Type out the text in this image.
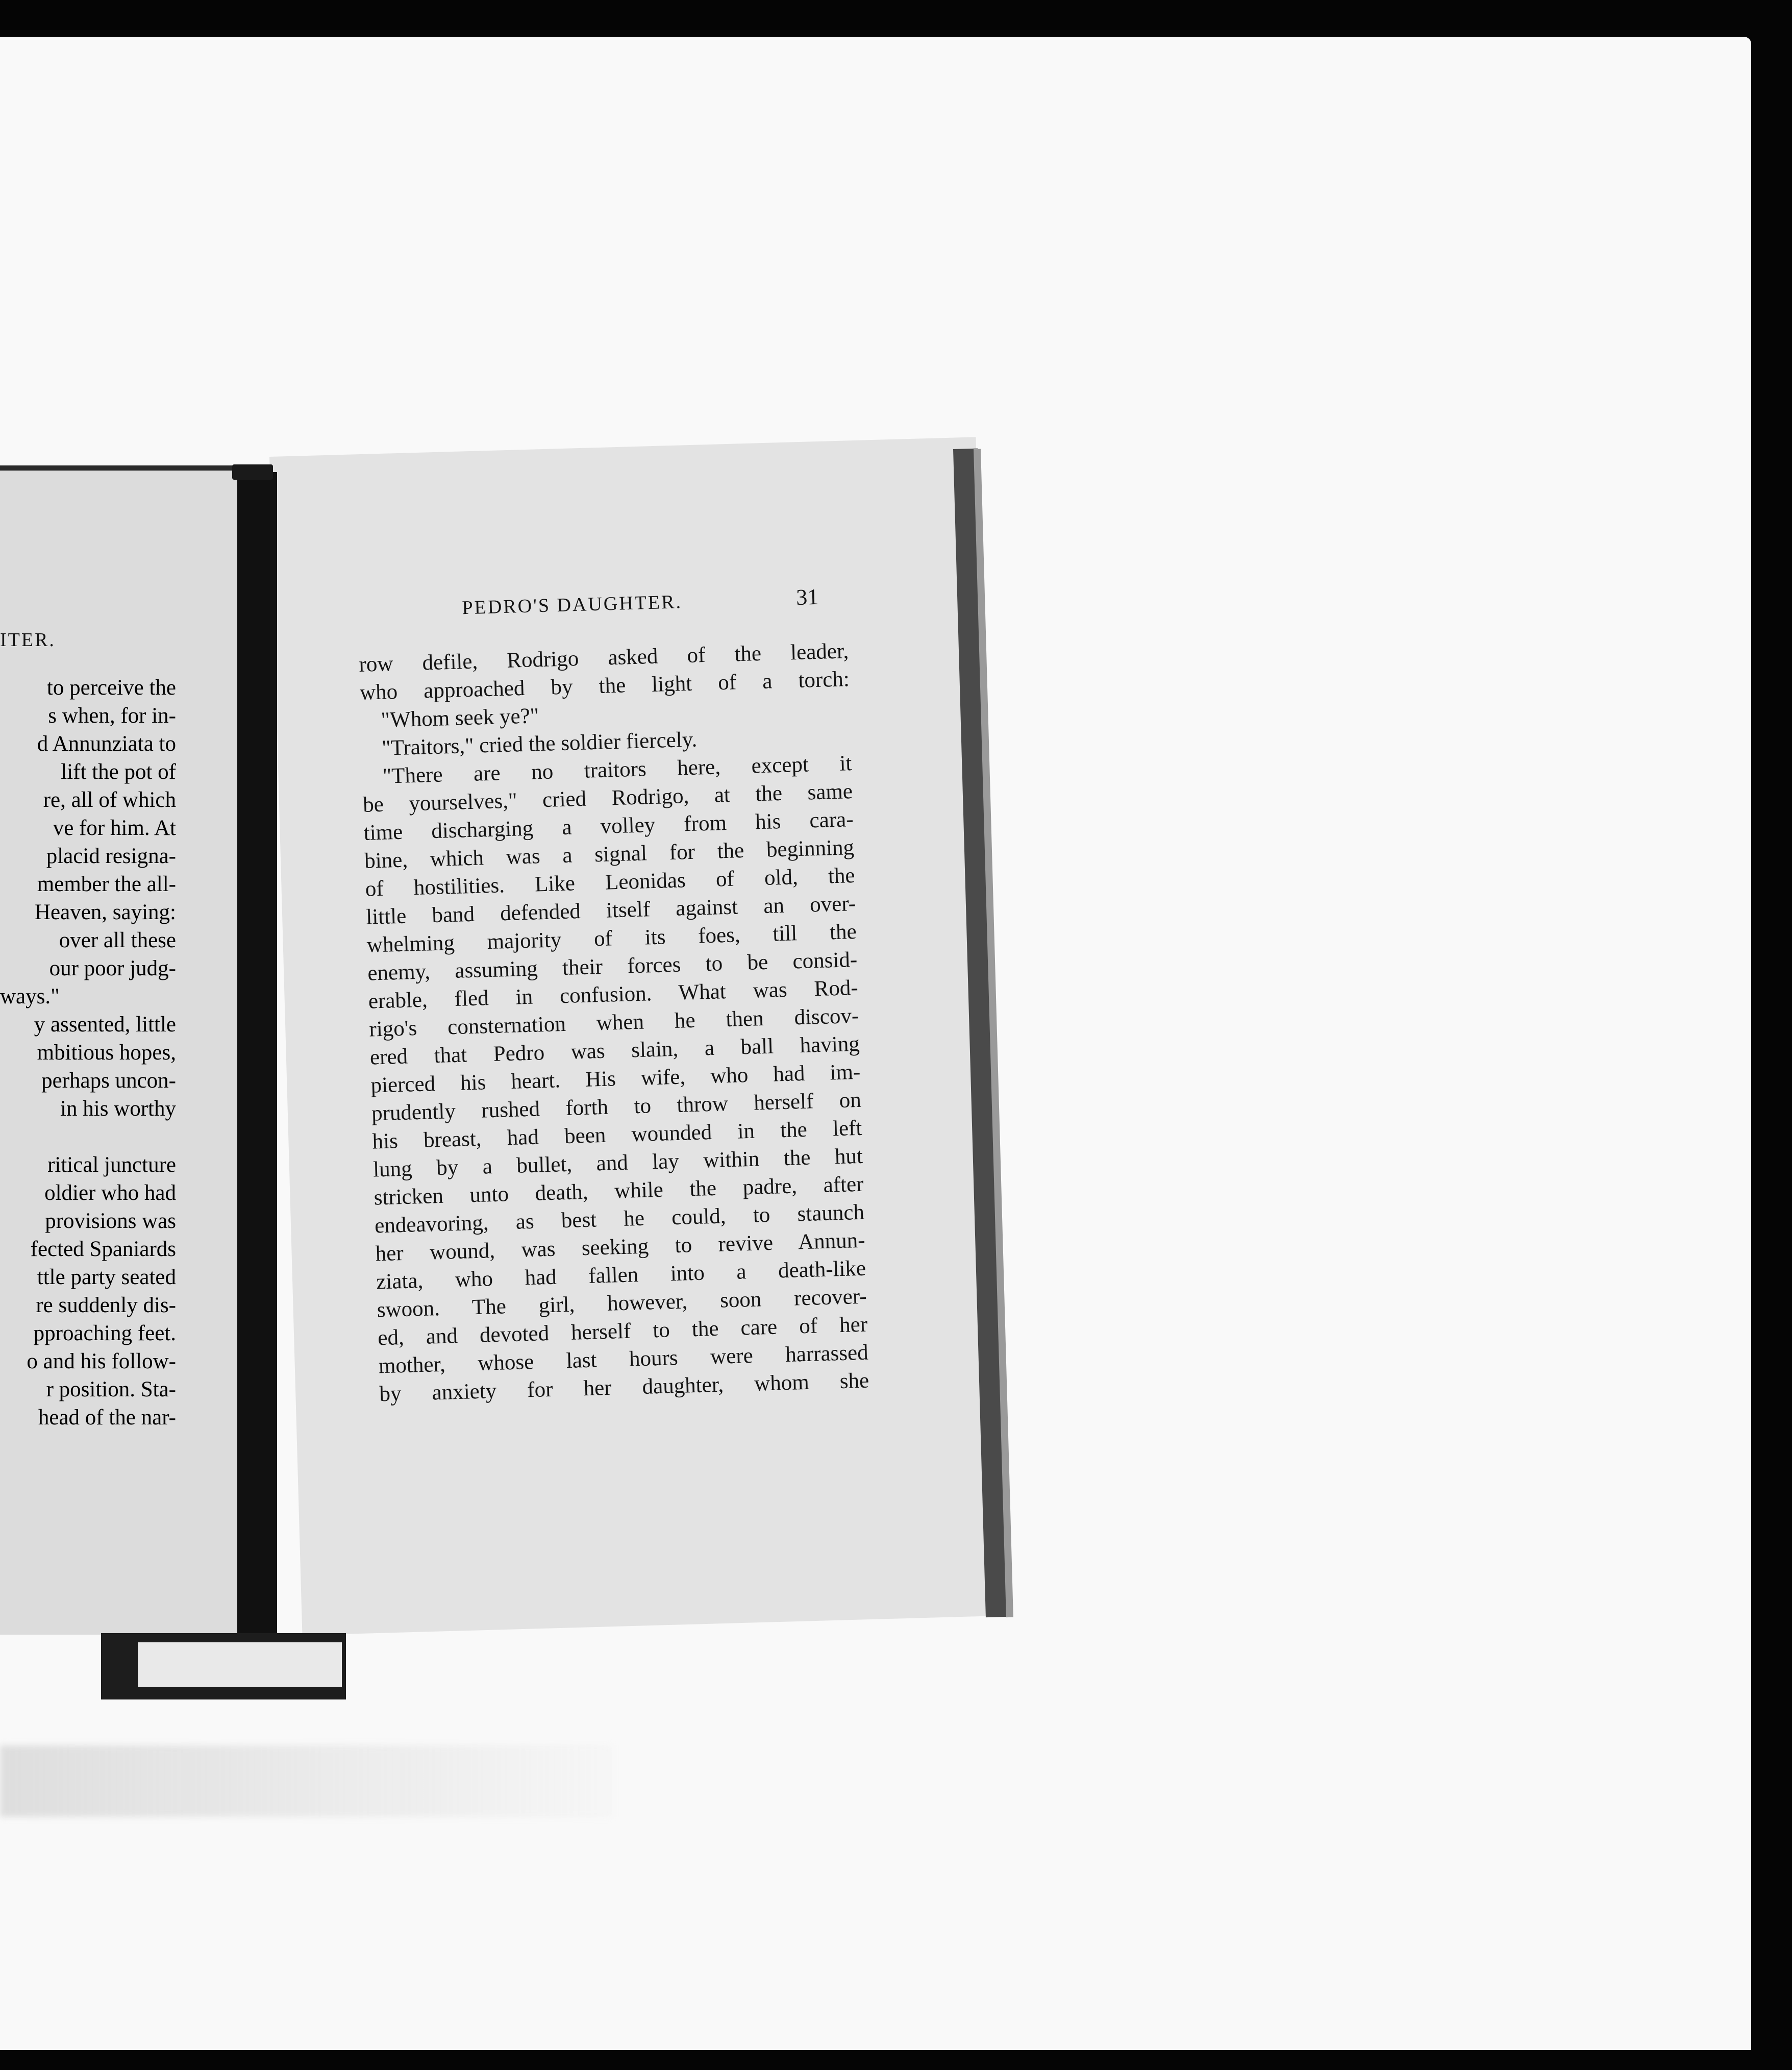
ITER.
to perceive the
s when, for in-
d Annunziata to
lift the pot of
re, all of which
ve for him. At
placid resigna-
member the all-
Heaven, saying:
over all these
our poor judg-
ways."
y assented, little
mbitious hopes,
perhaps uncon-
in his worthy

ritical juncture
oldier who had
provisions was
fected Spaniards
ttle party seated
re suddenly dis-
pproaching feet.
o and his follow-
r position. Sta-
head of the nar-
PEDRO'S DAUGHTER.	31
row defile, Rodrigo asked of the leader,
who approached by the light of a torch:
"Whom seek ye?"
"Traitors," cried the soldier fiercely.
"There are no traitors here, except it
be yourselves," cried Rodrigo, at the same
time discharging a volley from his cara-
bine, which was a signal for the beginning
of hostilities. Like Leonidas of old, the
little band defended itself against an over-
whelming majority of its foes, till the
enemy, assuming their forces to be consid-
erable, fled in confusion. What was Rod-
rigo's consternation when he then discov-
ered that Pedro was slain, a ball having
pierced his heart. His wife, who had im-
prudently rushed forth to throw herself on
his breast, had been wounded in the left
lung by a bullet, and lay within the hut
stricken unto death, while the padre, after
endeavoring, as best he could, to staunch
her wound, was seeking to revive Annun-
ziata, who had fallen into a death-like
swoon. The girl, however, soon recover-
ed, and devoted herself to the care of her
mother, whose last hours were harrassed
by anxiety for her daughter, whom she
